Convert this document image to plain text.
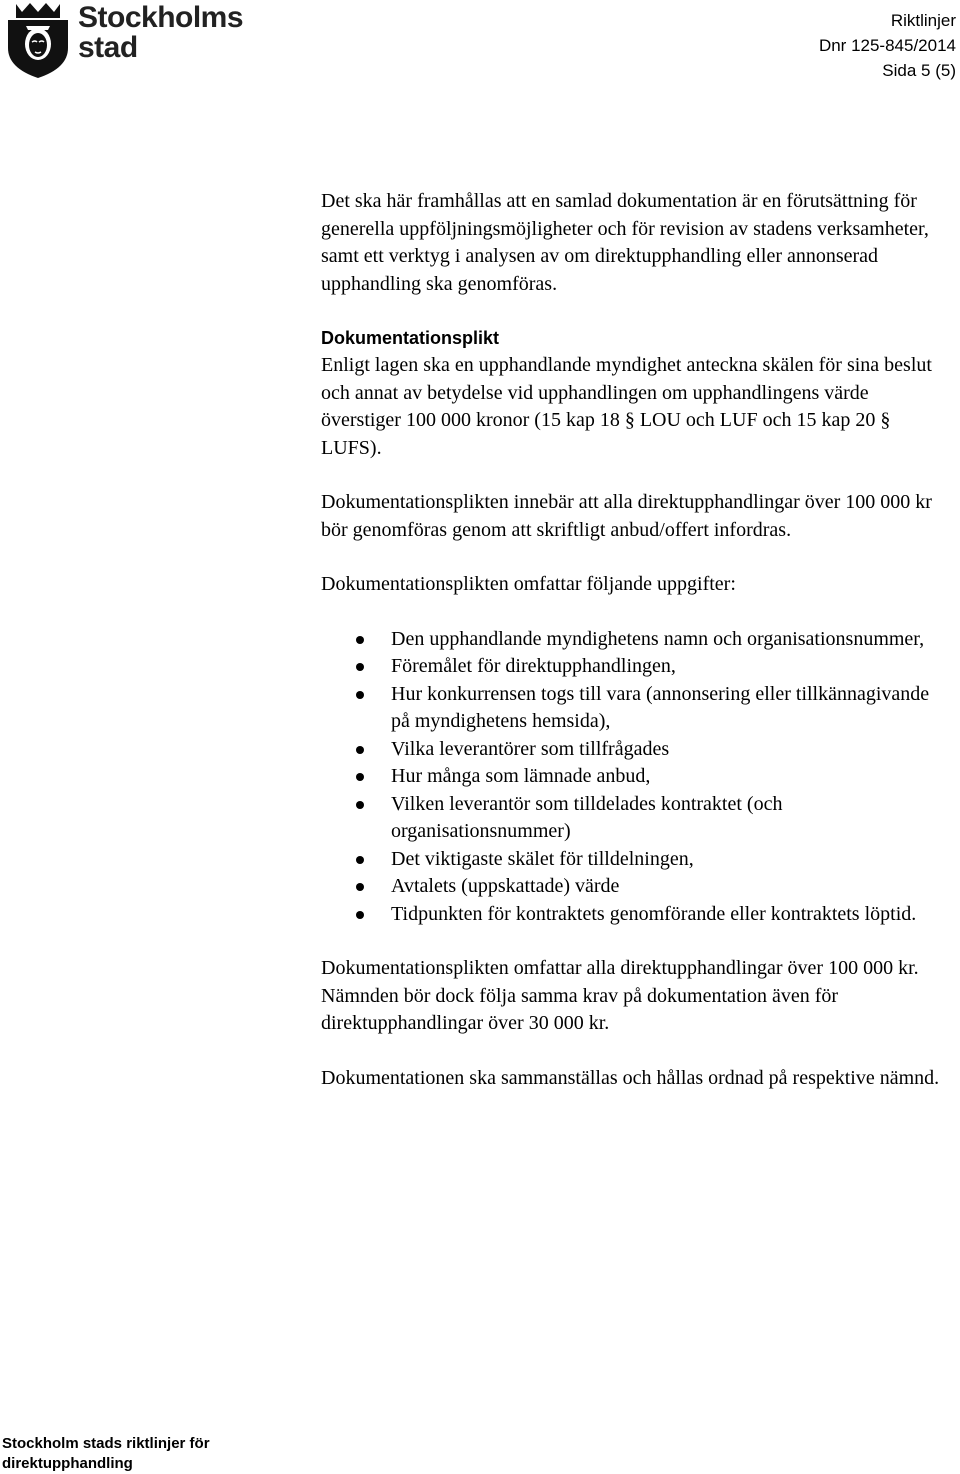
Stockholms
stad
Riktlinjer
Dnr 125-845/2014
Sida 5 (5)

Det ska här framhållas att en samlad dokumentation är en förutsättning för generella uppföljningsmöjligheter och för revision av stadens verksamheter, samt ett verktyg i analysen av om direktupphandling eller annonserad upphandling ska genomföras.

Dokumentationsplikt

Enligt lagen ska en upphandlande myndighet anteckna skälen för sina beslut och annat av betydelse vid upphandlingen om upphandlingens värde överstiger 100 000 kronor (15 kap 18 § LOU och LUF och 15 kap 20 § LUFS).

Dokumentationsplikten innebär att alla direktupphandlingar över 100 000 kr bör genomföras genom att skriftligt anbud/offert infordras.

Dokumentationsplikten omfattar följande uppgifter:

Den upphandlande myndighetens namn och organisationsnummer,
Föremålet för direktupphandlingen,
Hur konkurrensen togs till vara (annonsering eller tillkännagivande på myndighetens hemsida),
Vilka leverantörer som tillfrågades
Hur många som lämnade anbud,
Vilken leverantör som tilldelades kontraktet (och organisationsnummer)
Det viktigaste skälet för tilldelningen,
Avtalets (uppskattade) värde
Tidpunkten för kontraktets genomförande eller kontraktets löptid.

Dokumentationsplikten omfattar alla direktupphandlingar över 100 000 kr. Nämnden bör dock följa samma krav på dokumentation även för direktupphandlingar över 30 000 kr.

Dokumentationen ska sammanställas och hållas ordnad på respektive nämnd.

Stockholm stads riktlinjer för
direktupphandling
